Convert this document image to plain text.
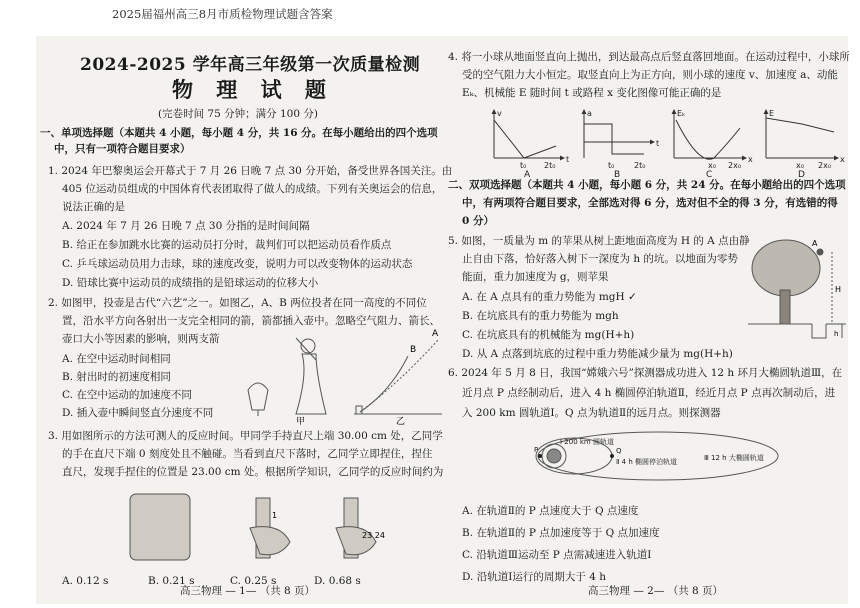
2025届福州高三8月市质检物理试题含答案
2024-2025 学年高三年级第一次质量检测
物 理 试 题
(完卷时间 75 分钟；满分 100 分)
一、单项选择题（本题共 4 小题，每小题 4 分，共 16 分。在每小题给出的四个选项
中，只有一项符合题目要求）
1. 2024 年巴黎奥运会开幕式于 7 月 26 日晚 7 点 30 分开始，备受世界各国关注。由
405 位运动员组成的中国体育代表团取得了做人的成绩。下列有关奥运会的信息，
说法正确的是
A. 2024 年 7 月 26 日晚 7 点 30 分指的是时间间隔
B. 给正在参加跳水比赛的运动员打分时，裁判们可以把运动员看作质点
C. 乒乓球运动员用力击球，球的速度改变，说明力可以改变物体的运动状态
D. 铅球比赛中运动员的成绩指的是铅球运动的位移大小
2. 如图甲，投壶是古代“六艺”之一。如图乙，A、B 两位投者在同一高度的不同位
置，沿水平方向各射出一支完全相同的箭，箭都插入壶中。忽略空气阻力、箭长、
壶口大小等因素的影响，则两支箭
A. 在空中运动时间相同
B. 射出时的初速度相同
C. 在空中运动的加速度不同
D. 插入壶中瞬间竖直分速度不同
甲	乙
A
B
3. 用如图所示的方法可测人的反应时间。甲同学手持直尺上端 30.00 cm 处，乙同学
的手在直尺下端 0 刻度处且不触碰。当看到直尺下落时，乙同学立即捏住，捏住
直尺，发现手捏住的位置是 23.00 cm 处。根据所学知识，乙同学的反应时间约为
1
23 24
A. 0.12 s	B. 0.21 s	C. 0.25 s	D. 0.68 s
高三物理 — 1— （共 8 页）
4. 将一小球从地面竖直向上抛出，到达最高点后竖直落回地面。在运动过程中，小球所
受的空气阻力大小恒定。取竖直向上为正方向，则小球的速度 v、加速度 a、动能
Eₖ、机械能 E 随时间 t 或路程 x 变化图像可能正确的是
v
t
t₀ 2t₀
a
t
t₀ 2t₀
Eₖ
x
x₀ 2x₀
E
x
x₀ 2x₀
A	B	C	D
二、双项选择题（本题共 4 小题，每小题 6 分，共 24 分。在每小题给出的四个选项
中，有两项符合题目要求，全部选对得 6 分，选对但不全的得 3 分，有选错的得
0 分）
5. 如图，一质量为 m 的苹果从树上距地面高度为 H 的 A 点由静
止自由下落，恰好落入树下一深度为 h 的坑。以地面为零势
能面，重力加速度为 g，则苹果
A. 在 A 点具有的重力势能为 mgH ✓
B. 在坑底具有的重力势能为 mgh
C. 在坑底具有的机械能为 mg(H+h)
D. 从 A 点落到坑底的过程中重力势能减少量为 mg(H+h)
A
H
h
6. 2024 年 5 月 8 日，我国“嫦娥六号”探测器成功进入 12 h 环月大椭圆轨道Ⅲ，在
近月点 P 点经制动后，进入 4 h 椭圆停泊轨道Ⅱ，经近月点 P 点再次制动后，进
入 200 km 圆轨道Ⅰ。Q 点为轨道Ⅱ的远月点。则探测器
P	Q
Ⅰ 200 km 圆轨道
Ⅱ 4 h 椭圆停泊轨道	Ⅲ 12 h 大椭圆轨道
A. 在轨道Ⅱ的 P 点速度大于 Q 点速度
B. 在轨道Ⅱ的 P 点加速度等于 Q 点加速度
C. 沿轨道Ⅲ运动至 P 点需减速进入轨道Ⅰ
D. 沿轨道Ⅰ运行的周期大于 4 h
高三物理 — 2— （共 8 页）
